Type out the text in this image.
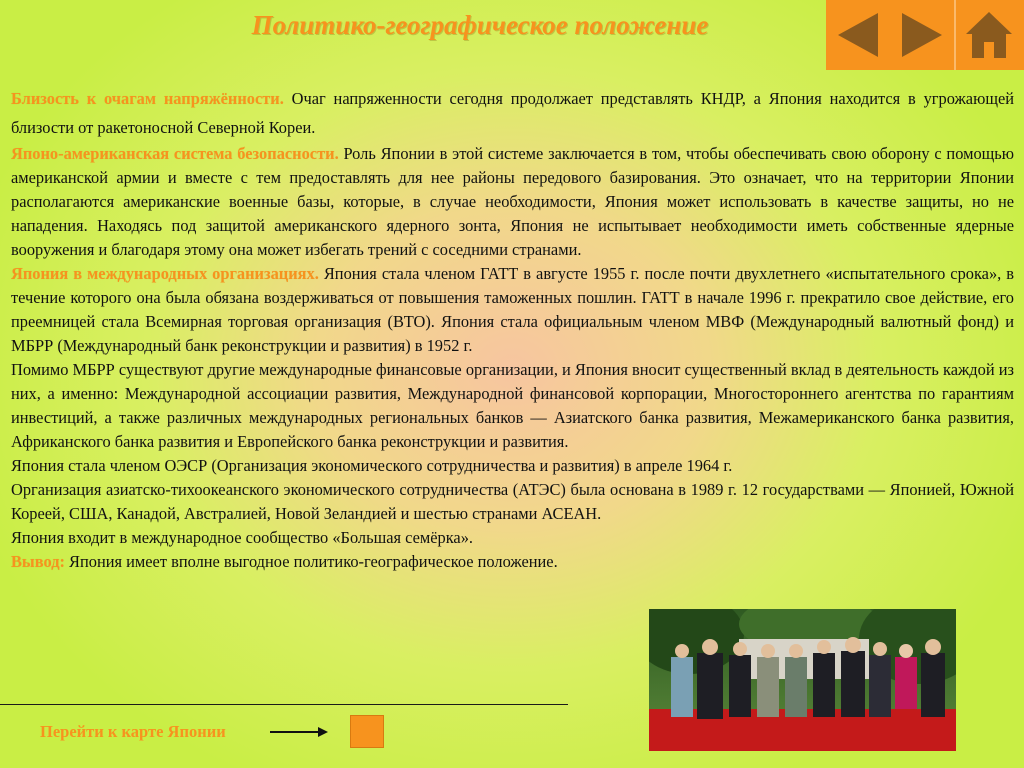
Политико-географическое положение

Близость к очагам напряжённости. Очаг напряженности сегодня продолжает представлять КНДР, а Япония находится в угрожающей близости от ракетоносной Северной Кореи.

Японо-американская система безопасности. Роль Японии в этой системе заключается в том, чтобы обеспечивать свою оборону с помощью американской армии и вместе с тем предоставлять для нее районы передового базирования. Это означает, что на территории Японии располагаются американские военные базы, которые, в случае необходимости, Япония может использовать в качестве защиты, но не нападения. Находясь под защитой американского ядерного зонта, Япония не испытывает необходимости иметь собственные ядерные вооружения и благодаря этому она может избегать трений с соседними странами.

Япония в международных организациях. Япония стала членом ГАТТ в августе 1955 г. после почти двухлетнего «испытательного срока», в течение которого она была обязана воздерживаться от повышения таможенных пошлин. ГАТТ в начале 1996 г. прекратило свое действие, его преемницей стала Всемирная торговая организация (ВТО). Япония стала официальным членом МВФ (Международный валютный фонд) и МБРР (Международный банк реконструкции и развития) в 1952 г.

Помимо МБРР существуют другие международные финансовые организации, и Япония вносит существенный вклад в деятельность каждой из них, а именно: Международной ассоциации развития, Международной финансовой корпорации, Многостороннего агентства по гарантиям инвестиций, а также различных международных региональных банков — Азиатского банка развития, Межамериканского банка развития, Африканского банка развития и Европейского банка реконструкции и развития.

Япония стала членом ОЭСР (Организация экономического сотрудничества и развития) в апреле 1964 г.

Организация азиатско-тихоокеанского экономического сотрудничества (АТЭС) была основана в 1989 г. 12 государствами — Японией, Южной Кореей, США, Канадой, Австралией, Новой Зеландией и шестью странами АСЕАН.

Япония входит в международное сообщество «Большая семёрка».

Вывод: Япония имеет вполне выгодное политико-географическое положение.

Перейти к карте Японии
